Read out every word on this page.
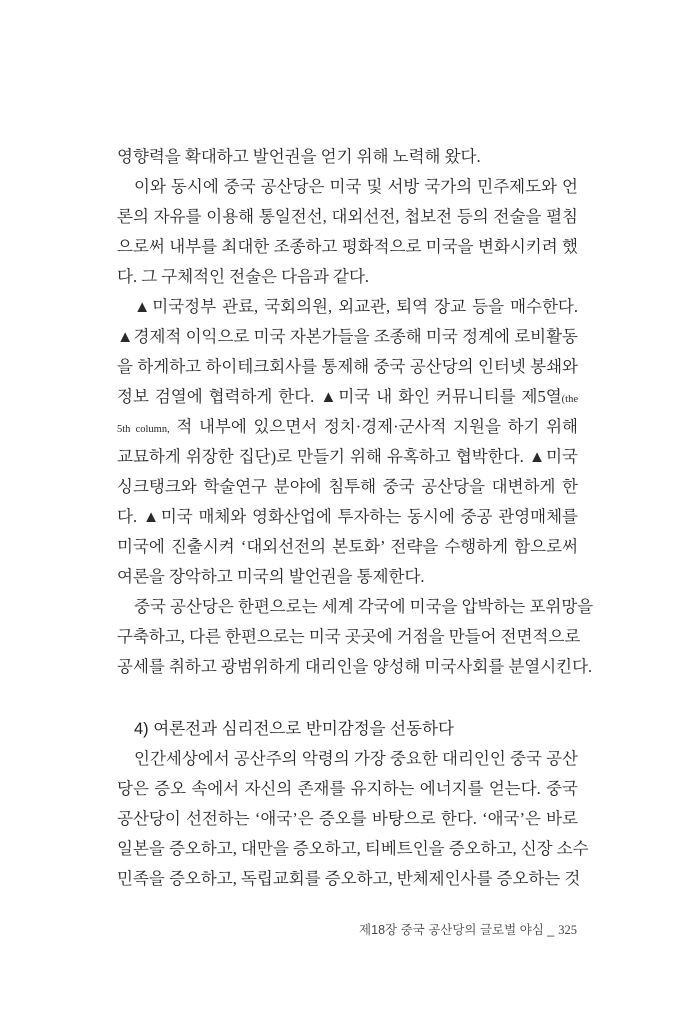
영향력을 확대하고 발언권을 얻기 위해 노력해 왔다.
이와 동시에 중국 공산당은 미국 및 서방 국가의 민주제도와 언
론의 자유를 이용해 통일전선, 대외선전, 첩보전 등의 전술을 펼침
으로써 내부를 최대한 조종하고 평화적으로 미국을 변화시키려 했
다. 그 구체적인 전술은 다음과 같다.
▲미국정부 관료, 국회의원, 외교관, 퇴역 장교 등을 매수한다.
▲경제적 이익으로 미국 자본가들을 조종해 미국 정계에 로비활동
을 하게하고 하이테크회사를 통제해 중국 공산당의 인터넷 봉쇄와
정보 검열에 협력하게 한다. ▲미국 내 화인 커뮤니티를 제5열(the
5th column, 적 내부에 있으면서 정치·경제·군사적 지원을 하기 위해
교묘하게 위장한 집단)로 만들기 위해 유혹하고 협박한다. ▲미국
싱크탱크와 학술연구 분야에 침투해 중국 공산당을 대변하게 한
다. ▲미국 매체와 영화산업에 투자하는 동시에 중공 관영매체를
미국에 진출시켜 ‘대외선전의 본토화’ 전략을 수행하게 함으로써
여론을 장악하고 미국의 발언권을 통제한다.
중국 공산당은 한편으로는 세계 각국에 미국을 압박하는 포위망을
구축하고, 다른 한편으로는 미국 곳곳에 거점을 만들어 전면적으로
공세를 취하고 광범위하게 대리인을 양성해 미국사회를 분열시킨다.
4) 여론전과 심리전으로 반미감정을 선동하다
인간세상에서 공산주의 악령의 가장 중요한 대리인인 중국 공산
당은 증오 속에서 자신의 존재를 유지하는 에너지를 얻는다. 중국
공산당이 선전하는 ‘애국’은 증오를 바탕으로 한다. ‘애국’은 바로
일본을 증오하고, 대만을 증오하고, 티베트인을 증오하고, 신장 소수
민족을 증오하고, 독립교회를 증오하고, 반체제인사를 증오하는 것
제18장 중국 공산당의 글로벌 야심 _ 325
